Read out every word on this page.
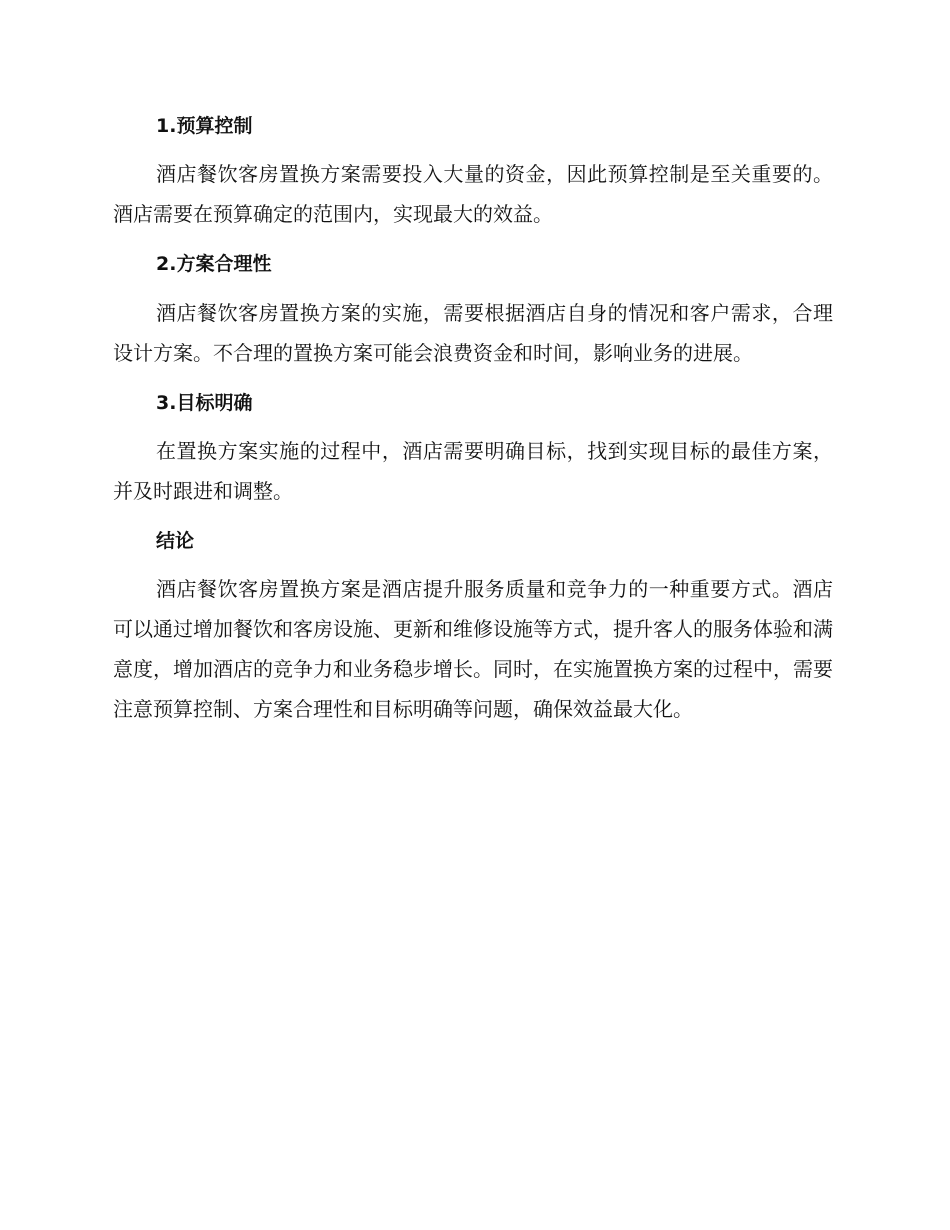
1.预算控制

酒店餐饮客房置换方案需要投入大量的资金，因此预算控制是至关重要的。酒店需要在预算确定的范围内，实现最大的效益。

2.方案合理性

酒店餐饮客房置换方案的实施，需要根据酒店自身的情况和客户需求，合理设计方案。不合理的置换方案可能会浪费资金和时间，影响业务的进展。

3.目标明确

在置换方案实施的过程中，酒店需要明确目标，找到实现目标的最佳方案，并及时跟进和调整。

结论

酒店餐饮客房置换方案是酒店提升服务质量和竞争力的一种重要方式。酒店可以通过增加餐饮和客房设施、更新和维修设施等方式，提升客人的服务体验和满意度，增加酒店的竞争力和业务稳步增长。同时，在实施置换方案的过程中，需要注意预算控制、方案合理性和目标明确等问题，确保效益最大化。
